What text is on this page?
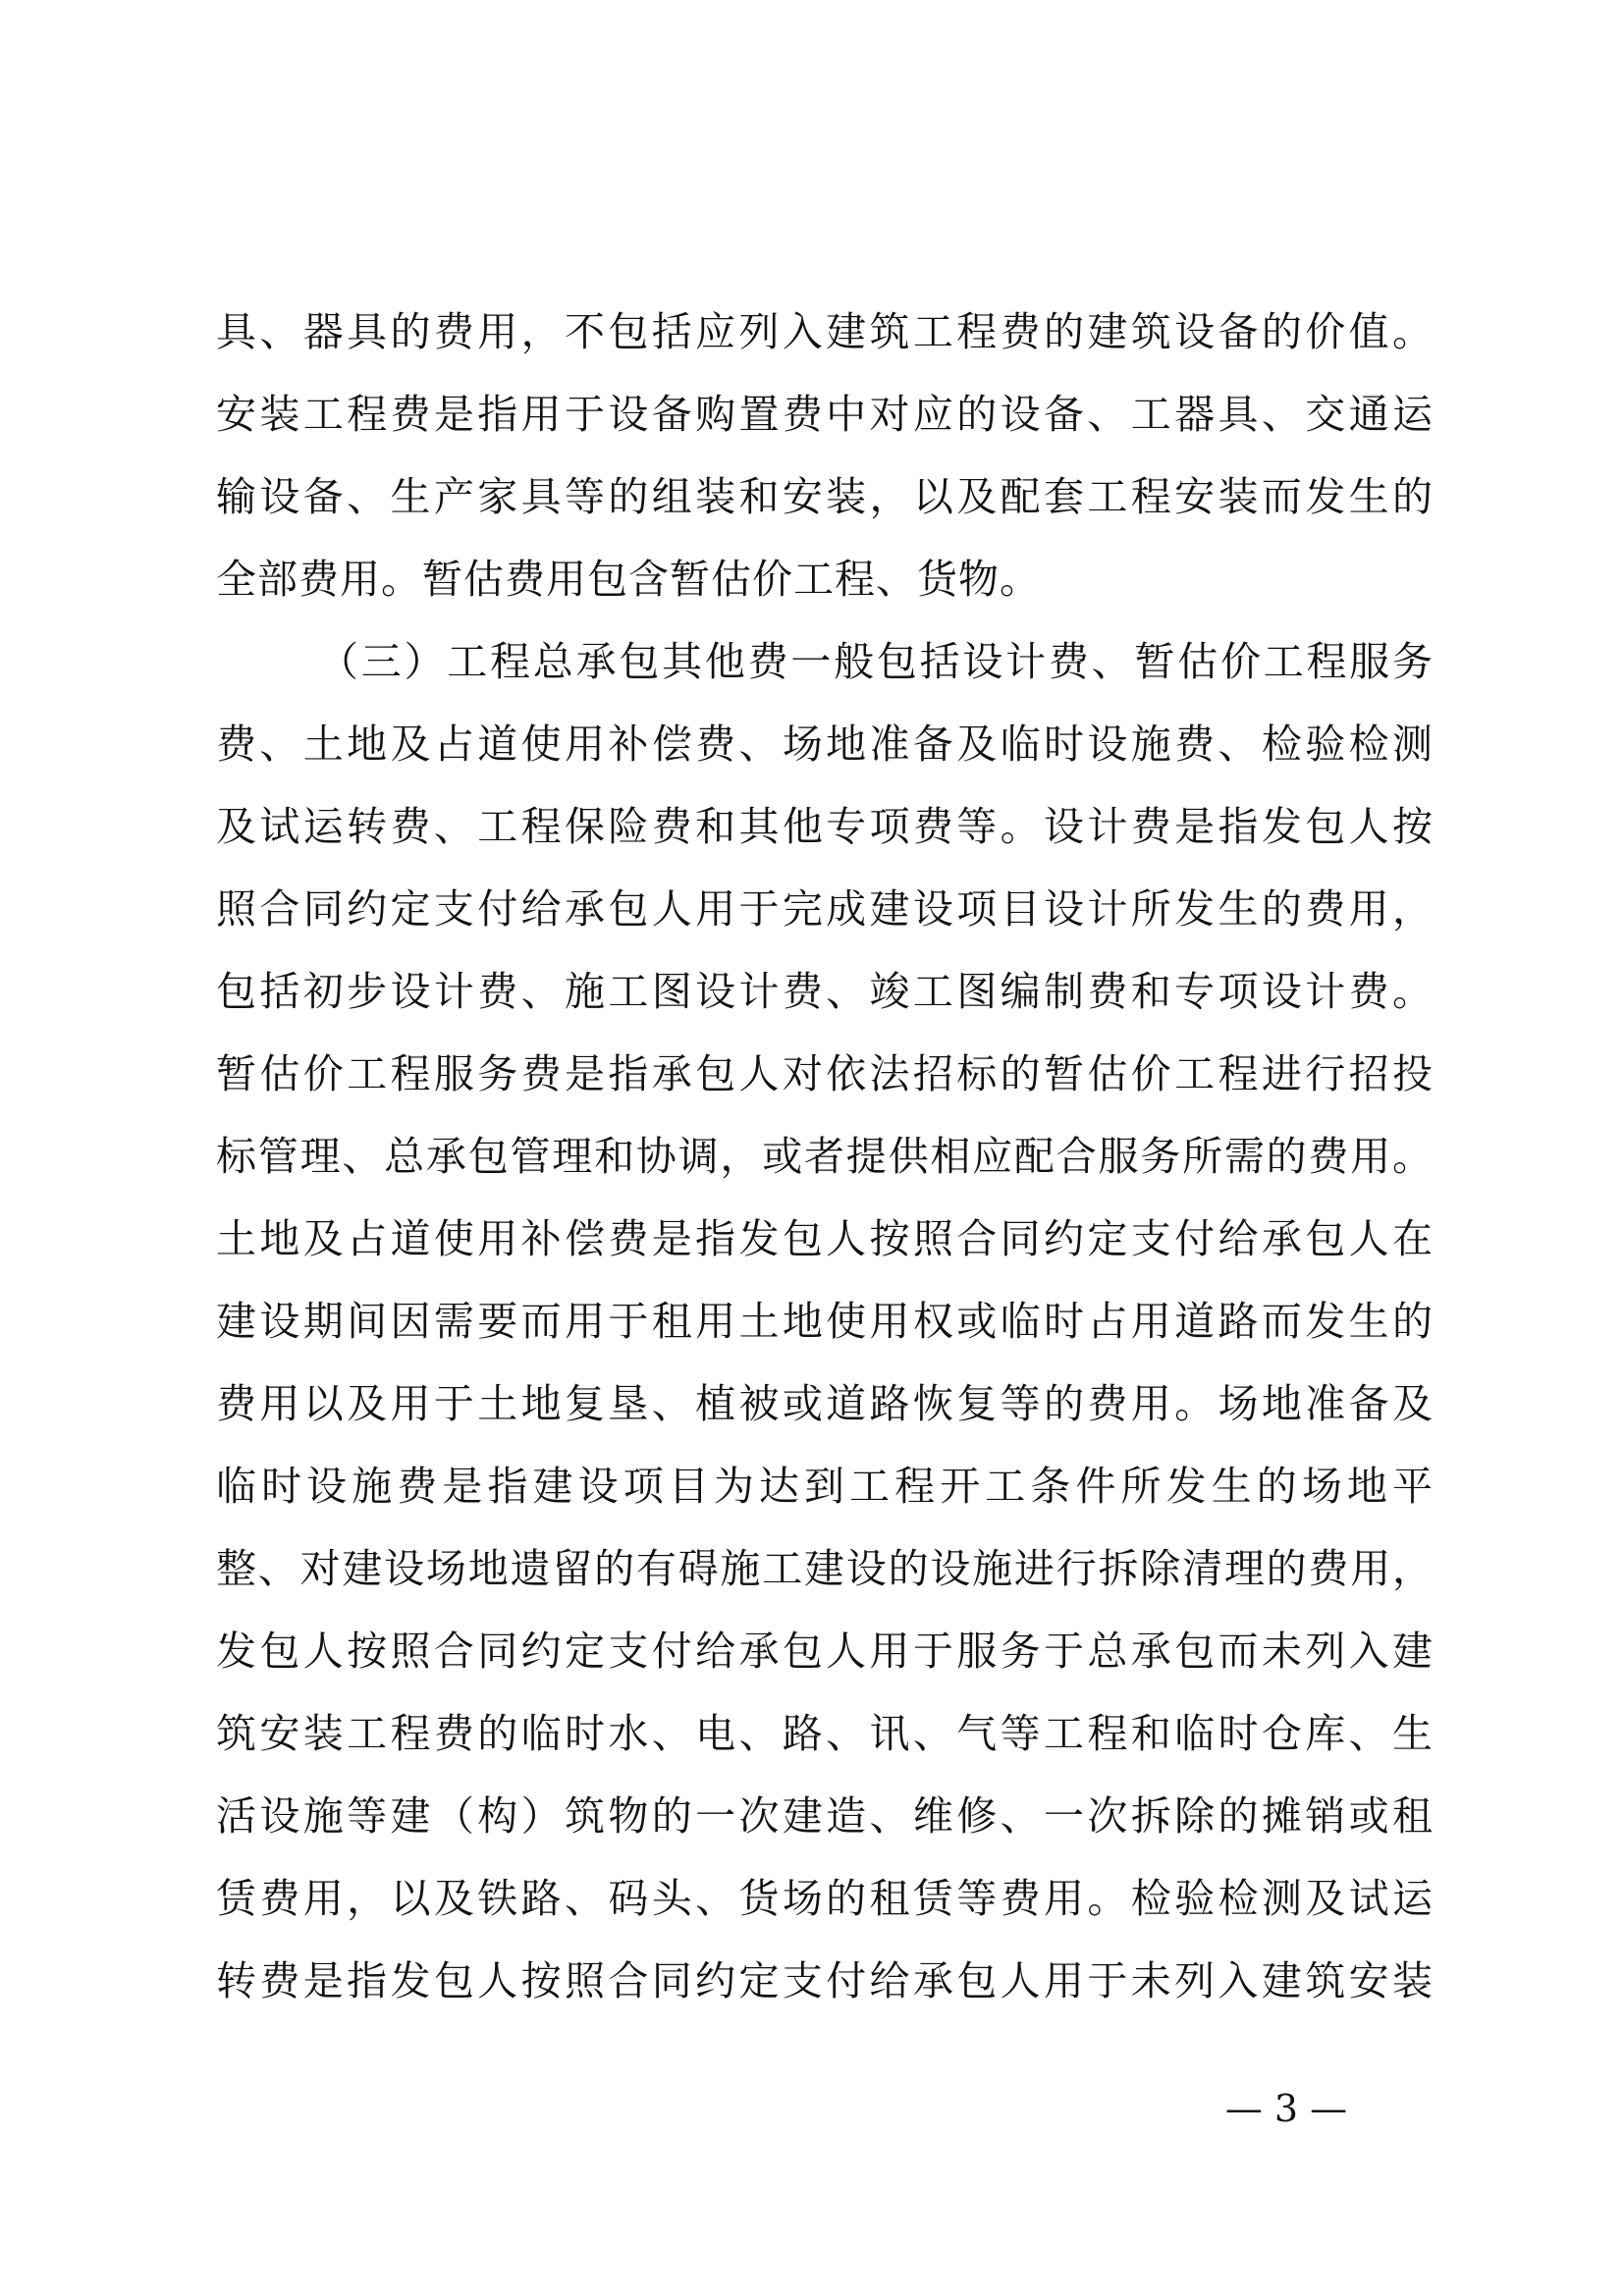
具、器具的费用，不包括应列入建筑工程费的建筑设备的价值。
安装工程费是指用于设备购置费中对应的设备、工器具、交通运
输设备、生产家具等的组装和安装，以及配套工程安装而发生的
全部费用。暂估费用包含暂估价工程、货物。
（三）工程总承包其他费一般包括设计费、暂估价工程服务
费、土地及占道使用补偿费、场地准备及临时设施费、检验检测
及试运转费、工程保险费和其他专项费等。设计费是指发包人按
照合同约定支付给承包人用于完成建设项目设计所发生的费用，
包括初步设计费、施工图设计费、竣工图编制费和专项设计费。
暂估价工程服务费是指承包人对依法招标的暂估价工程进行招投
标管理、总承包管理和协调，或者提供相应配合服务所需的费用。
土地及占道使用补偿费是指发包人按照合同约定支付给承包人在
建设期间因需要而用于租用土地使用权或临时占用道路而发生的
费用以及用于土地复垦、植被或道路恢复等的费用。场地准备及
临时设施费是指建设项目为达到工程开工条件所发生的场地平
整、对建设场地遗留的有碍施工建设的设施进行拆除清理的费用，
发包人按照合同约定支付给承包人用于服务于总承包而未列入建
筑安装工程费的临时水、电、路、讯、气等工程和临时仓库、生
活设施等建（构）筑物的一次建造、维修、一次拆除的摊销或租
赁费用，以及铁路、码头、货场的租赁等费用。检验检测及试运
转费是指发包人按照合同约定支付给承包人用于未列入建筑安装
— 3 —
